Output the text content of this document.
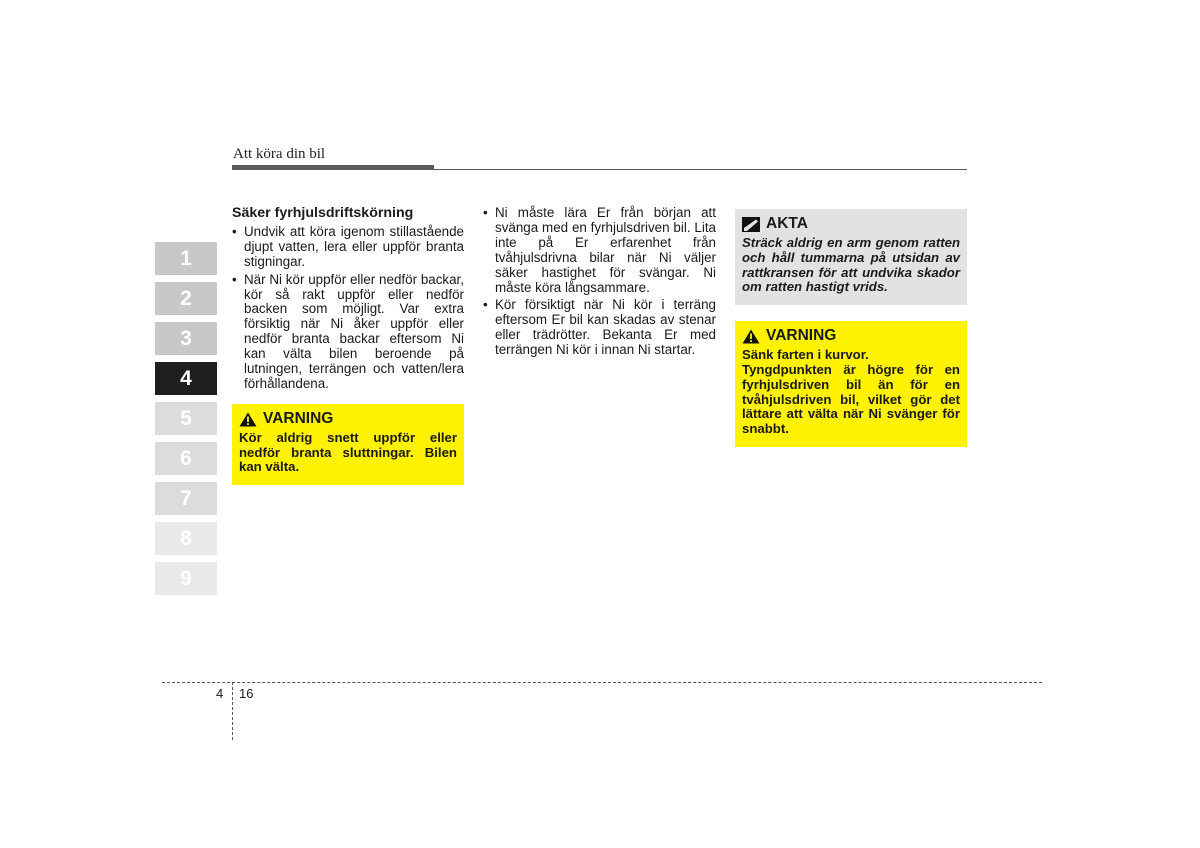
Att köra din bil
1
2
3
4
5
6
7
8
9
Säker fyrhjulsdriftskörning
• Undvik att köra igenom stillastående djupt vatten, lera eller uppför branta stigningar.
• När Ni kör uppför eller nedför backar, kör så rakt uppför eller nedför backen som möjligt. Var extra försiktig när Ni åker uppför eller nedför branta backar eftersom Ni kan välta bilen beroende på lutningen, terrängen och vatten/lera förhållandena.
VARNING

Kör aldrig snett uppför eller nedför branta sluttningar. Bilen kan välta.

• Ni måste lära Er från början att svänga med en fyrhjulsdriven bil. Lita inte på Er erfarenhet från tvåhjulsdrivna bilar när Ni väljer säker hastighet för svängar. Ni måste köra långsammare.
• Kör försiktigt när Ni kör i terräng eftersom Er bil kan skadas av stenar eller trädrötter. Bekanta Er med terrängen Ni kör i innan Ni startar.
AKTA

Sträck aldrig en arm genom ratten och håll tummarna på utsidan av rattkransen för att undvika skador om ratten hastigt vrids.

VARNING

Sänk farten i kurvor.

Tyngdpunkten är högre för en fyrhjulsdriven bil än för en tvåhjulsdriven bil, vilket gör det lättare att välta när Ni svänger för snabbt.

4 16
